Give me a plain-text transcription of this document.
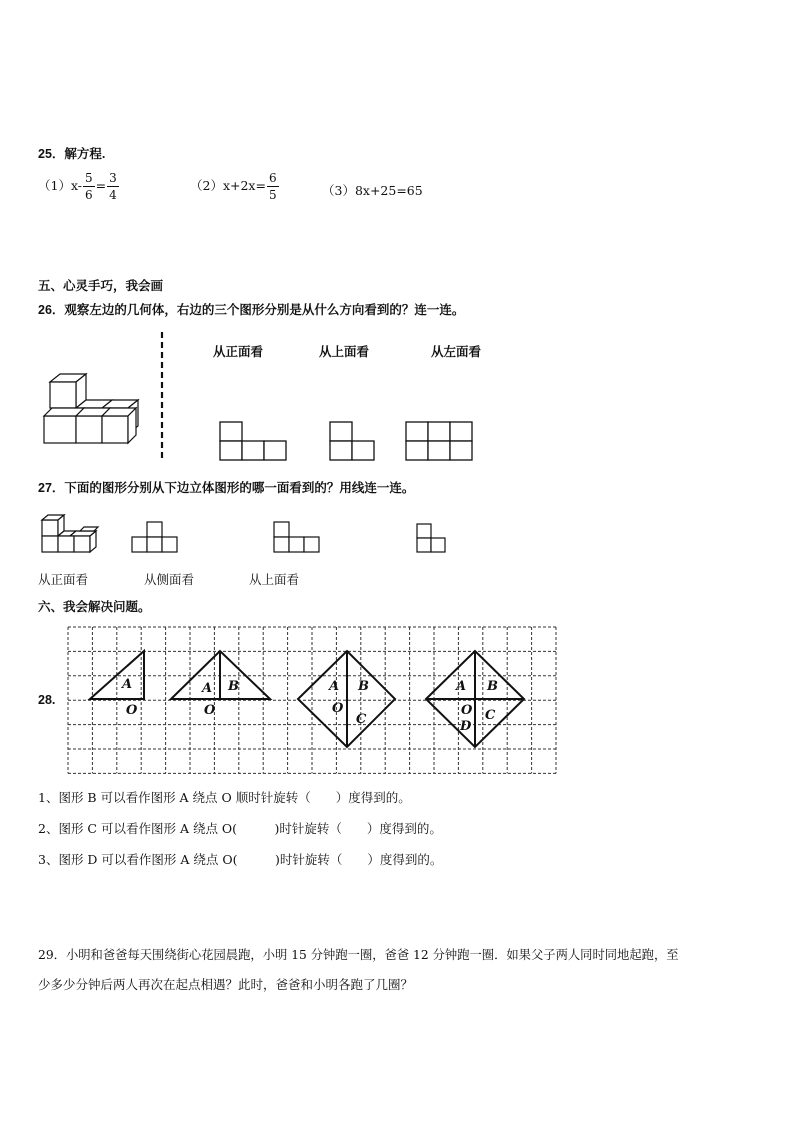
25．解方程.
$(1)x- \frac{5}{6} = \frac{3}{4}$	$(2)x+2x= \frac{6}{5}$	（3）8x+25=65
五、心灵手巧，我会画
26．观察左边的几何体，右边的三个图形分别是从什么方向看到的？连一连。
从正面看	从上面看	从左面看
27．下面的图形分别从下边立体图形的哪一面看到的？用线连一连。
从正面看	从侧面看	从上面看
六、我会解决问题。
28.
A
O
A B
O
A B
O
C
A B
O C
D
1、图形 B 可以看作图形 A 绕点 O 顺时针旋转（　　）度得到的。
2、图形 C 可以看作图形 A 绕点 O(　　　)时针旋转（　　）度得到的。
3、图形 D 可以看作图形 A 绕点 O(　　　)时针旋转（　　）度得到的。
29．小明和爸爸每天围绕街心花园晨跑，小明 15 分钟跑一圈，爸爸 12 分钟跑一圈．如果父子两人同时同地起跑，至
少多少分钟后两人再次在起点相遇？此时，爸爸和小明各跑了几圈？
